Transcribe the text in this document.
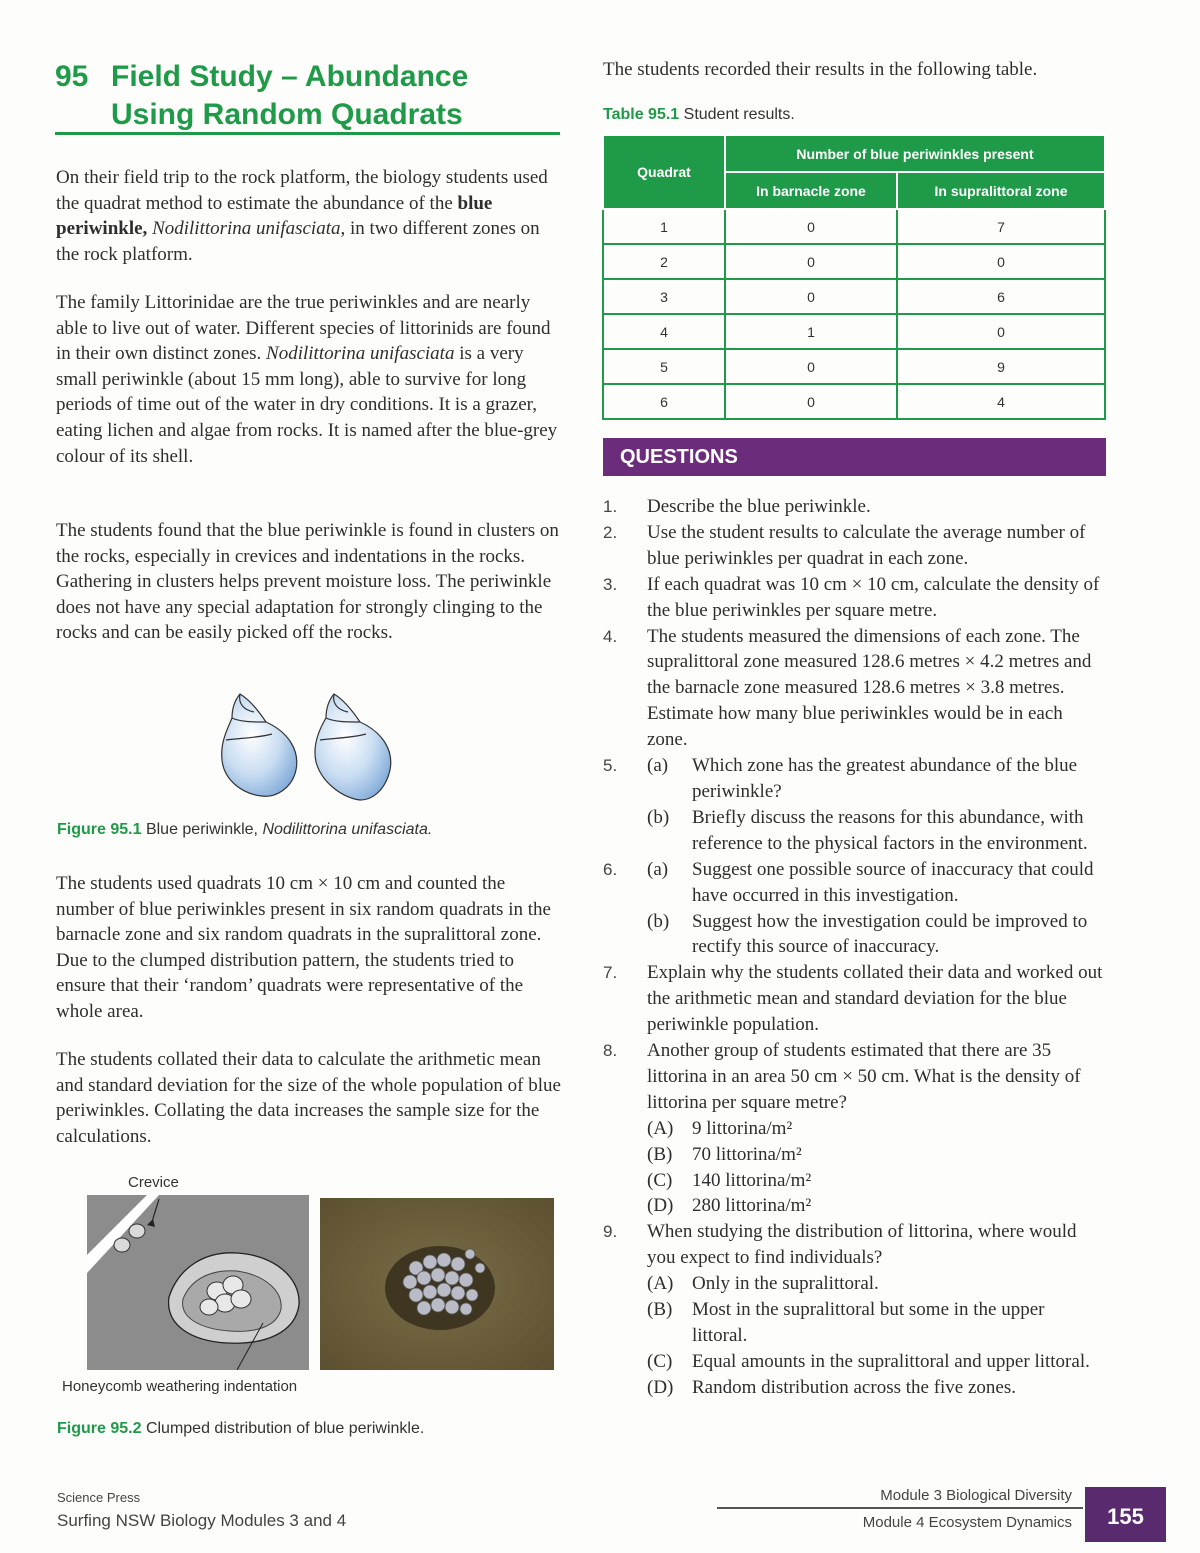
95 Field Study – Abundance
Using Random Quadrats
On their field trip to the rock platform, the biology students used the quadrat method to estimate the abundance of the blue periwinkle, Nodilittorina unifasciata, in two different zones on the rock platform.
The family Littorinidae are the true periwinkles and are nearly able to live out of water. Different species of littorinids are found in their own distinct zones. Nodilittorina unifasciata is a very small periwinkle (about 15 mm long), able to survive for long periods of time out of the water in dry conditions. It is a grazer, eating lichen and algae from rocks. It is named after the blue-grey colour of its shell.
The students found that the blue periwinkle is found in clusters on the rocks, especially in crevices and indentations in the rocks. Gathering in clusters helps prevent moisture loss. The periwinkle does not have any special adaptation for strongly clinging to the rocks and can be easily picked off the rocks.
Figure 95.1 Blue periwinkle, Nodilittorina unifasciata.
The students used quadrats 10 cm × 10 cm and counted the number of blue periwinkles present in six random quadrats in the barnacle zone and six random quadrats in the supralittoral zone. Due to the clumped distribution pattern, the students tried to ensure that their ‘random’ quadrats were representative of the whole area.
The students collated their data to calculate the arithmetic mean and standard deviation for the size of the whole population of blue periwinkles. Collating the data increases the sample size for the calculations.
Crevice
Honeycomb weathering indentation
Figure 95.2 Clumped distribution of blue periwinkle.
The students recorded their results in the following table.
Table 95.1 Student results.
Quadrat	Number of blue periwinkles present	
	In barnacle zone	In supralittoral zone
1	0	7
2	0	0
3	0	6
4	1	0
5	0	9
6	0	4
QUESTIONS
1. Describe the blue periwinkle.
2. Use the student results to calculate the average number of blue periwinkles per quadrat in each zone.
3. If each quadrat was 10 cm × 10 cm, calculate the density of the blue periwinkles per square metre.
4. The students measured the dimensions of each zone. The supralittoral zone measured 128.6 metres × 4.2 metres and the barnacle zone measured 128.6 metres × 3.8 metres. Estimate how many blue periwinkles would be in each zone.
5. (a) Which zone has the greatest abundance of the blue periwinkle?
(b) Briefly discuss the reasons for this abundance, with reference to the physical factors in the environment.
6. (a) Suggest one possible source of inaccuracy that could have occurred in this investigation.
(b) Suggest how the investigation could be improved to rectify this source of inaccuracy.
7. Explain why the students collated their data and worked out the arithmetic mean and standard deviation for the blue periwinkle population.
8. Another group of students estimated that there are 35 littorina in an area 50 cm × 50 cm. What is the density of littorina per square metre?
(A) 9 littorina/m²
(B) 70 littorina/m²
(C) 140 littorina/m²
(D) 280 littorina/m²
9. When studying the distribution of littorina, where would you expect to find individuals?
(A) Only in the supralittoral.
(B) Most in the supralittoral but some in the upper littoral.
(C) Equal amounts in the supralittoral and upper littoral.
(D) Random distribution across the five zones.
Science Press
Surfing NSW Biology Modules 3 and 4
Module 3 Biological Diversity
Module 4 Ecosystem Dynamics	155
